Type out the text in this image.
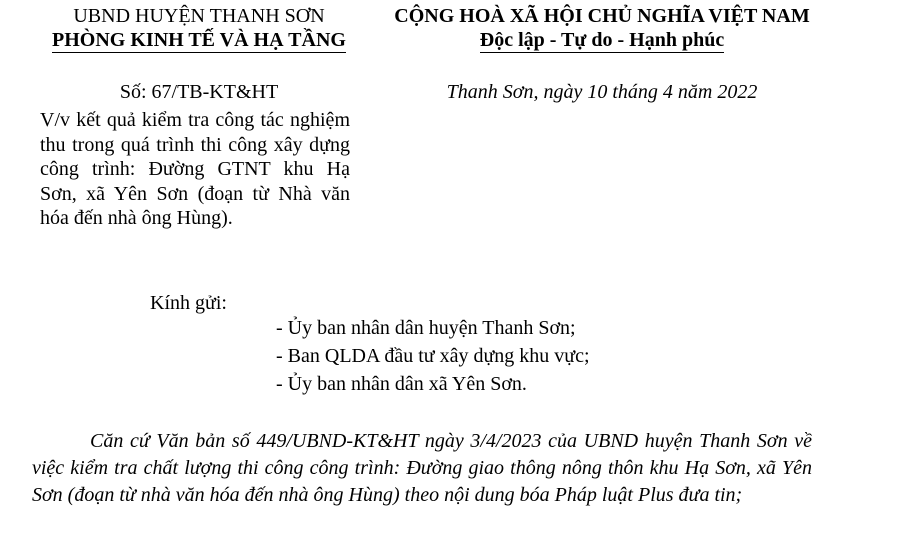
UBND HUYỆN THANH SƠN
PHÒNG KINH TẾ VÀ HẠ TẦNG
CỘNG HOÀ XÃ HỘI CHỦ NGHĨA VIỆT NAM
Độc lập - Tự do - Hạnh phúc
Số: 67/TB-KT&HT	Thanh Sơn, ngày 10 tháng 4 năm 2022
V/v kết quả kiểm tra công tác nghiệm thu trong quá trình thi công xây dựng công trình: Đường GTNT khu Hạ Sơn, xã Yên Sơn (đoạn từ Nhà văn hóa đến nhà ông Hùng).
Kính gửi:
- Ủy ban nhân dân huyện Thanh Sơn;
- Ban QLDA đầu tư xây dựng khu vực;
- Ủy ban nhân dân xã Yên Sơn.

Căn cứ Văn bản số 449/UBND-KT&HT ngày 3/4/2023 của UBND huyện Thanh Sơn về việc kiểm tra chất lượng thi công công trình: Đường giao thông nông thôn khu Hạ Sơn, xã Yên Sơn (đoạn từ nhà văn hóa đến nhà ông Hùng) theo nội dung bóa Pháp luật Plus đưa tin;
